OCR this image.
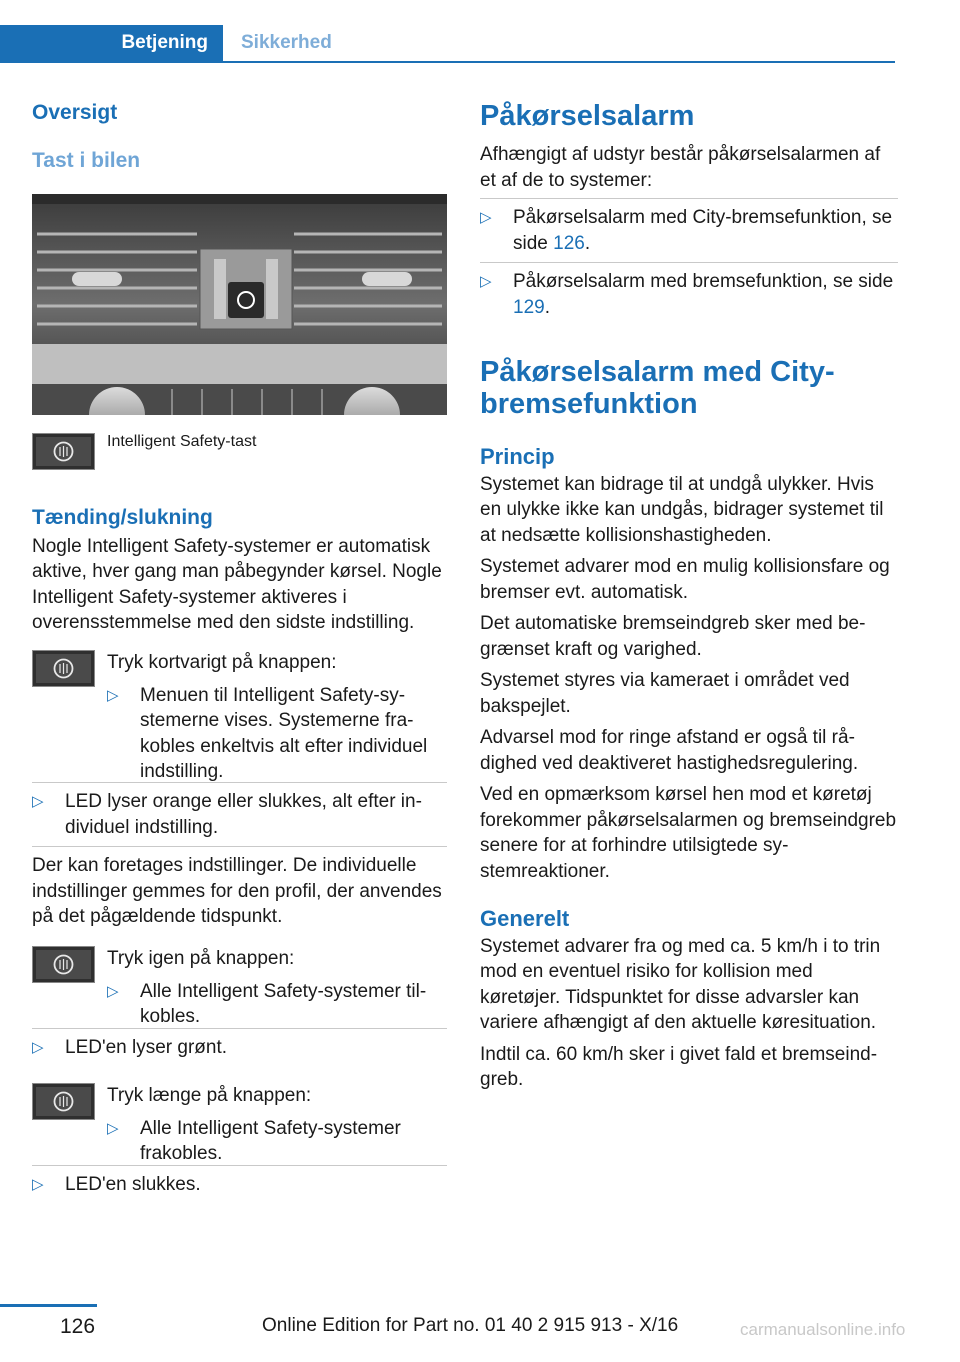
Betjening	Sikkerhed
Oversigt
Tast i bilen
Intelligent Safety-tast
Tænding/slukning

Nogle Intelligent Safety-systemer er automatisk aktive, hver gang man påbegynder kørsel. Nogle Intelligent Safety-systemer aktiveres i overensstemmelse med den sidste indstilling.

Tryk kortvarigt på knappen:

▷ Menuen til Intelligent Safety-systemerne vises. Systemerne frakobles enkeltvis alt efter individuel indstilling.
▷ LED lyser orange eller slukkes, alt efter individuel indstilling.

Der kan foretages indstillinger. De individuelle indstillinger gemmes for den profil, der anvendes på det pågældende tidspunkt.

Tryk igen på knappen:

▷ Alle Intelligent Safety-systemer tilkobles.
▷ LED'en lyser grønt.

Tryk længe på knappen:

▷ Alle Intelligent Safety-systemer frakobles.
▷ LED'en slukkes.
Påkørselsalarm

Afhængigt af udstyr består påkørselsalarmen af et af de to systemer:

▷ Påkørselsalarm med City-bremsefunktion, se side 126.
▷ Påkørselsalarm med bremsefunktion, se side 129.
Påkørselsalarm med City-bremsefunktion
Princip

Systemet kan bidrage til at undgå ulykker. Hvis en ulykke ikke kan undgås, bidrager systemet til at nedsætte kollisionshastigheden.

Systemet advarer mod en mulig kollisionsfare og bremser evt. automatisk.

Det automatiske bremseindgreb sker med begrænset kraft og varighed.

Systemet styres via kameraet i området ved bakspejlet.

Advarsel mod for ringe afstand er også til rådighed ved deaktiveret hastighedsregulering.

Ved en opmærksom kørsel hen mod et køretøj forekommer påkørselsalarmen og bremseindgreb senere for at forhindre utilsigtede systemreaktioner.

Generelt

Systemet advarer fra og med ca. 5 km/h i to trin mod en eventuel risiko for kollision med køretøjer. Tidspunktet for disse advarsler kan variere afhængigt af den aktuelle køresituation.

Indtil ca. 60 km/h sker i givet fald et bremseindgreb.

126	Online Edition for Part no. 01 40 2 915 913 - X/16	carmanualsonline.info
